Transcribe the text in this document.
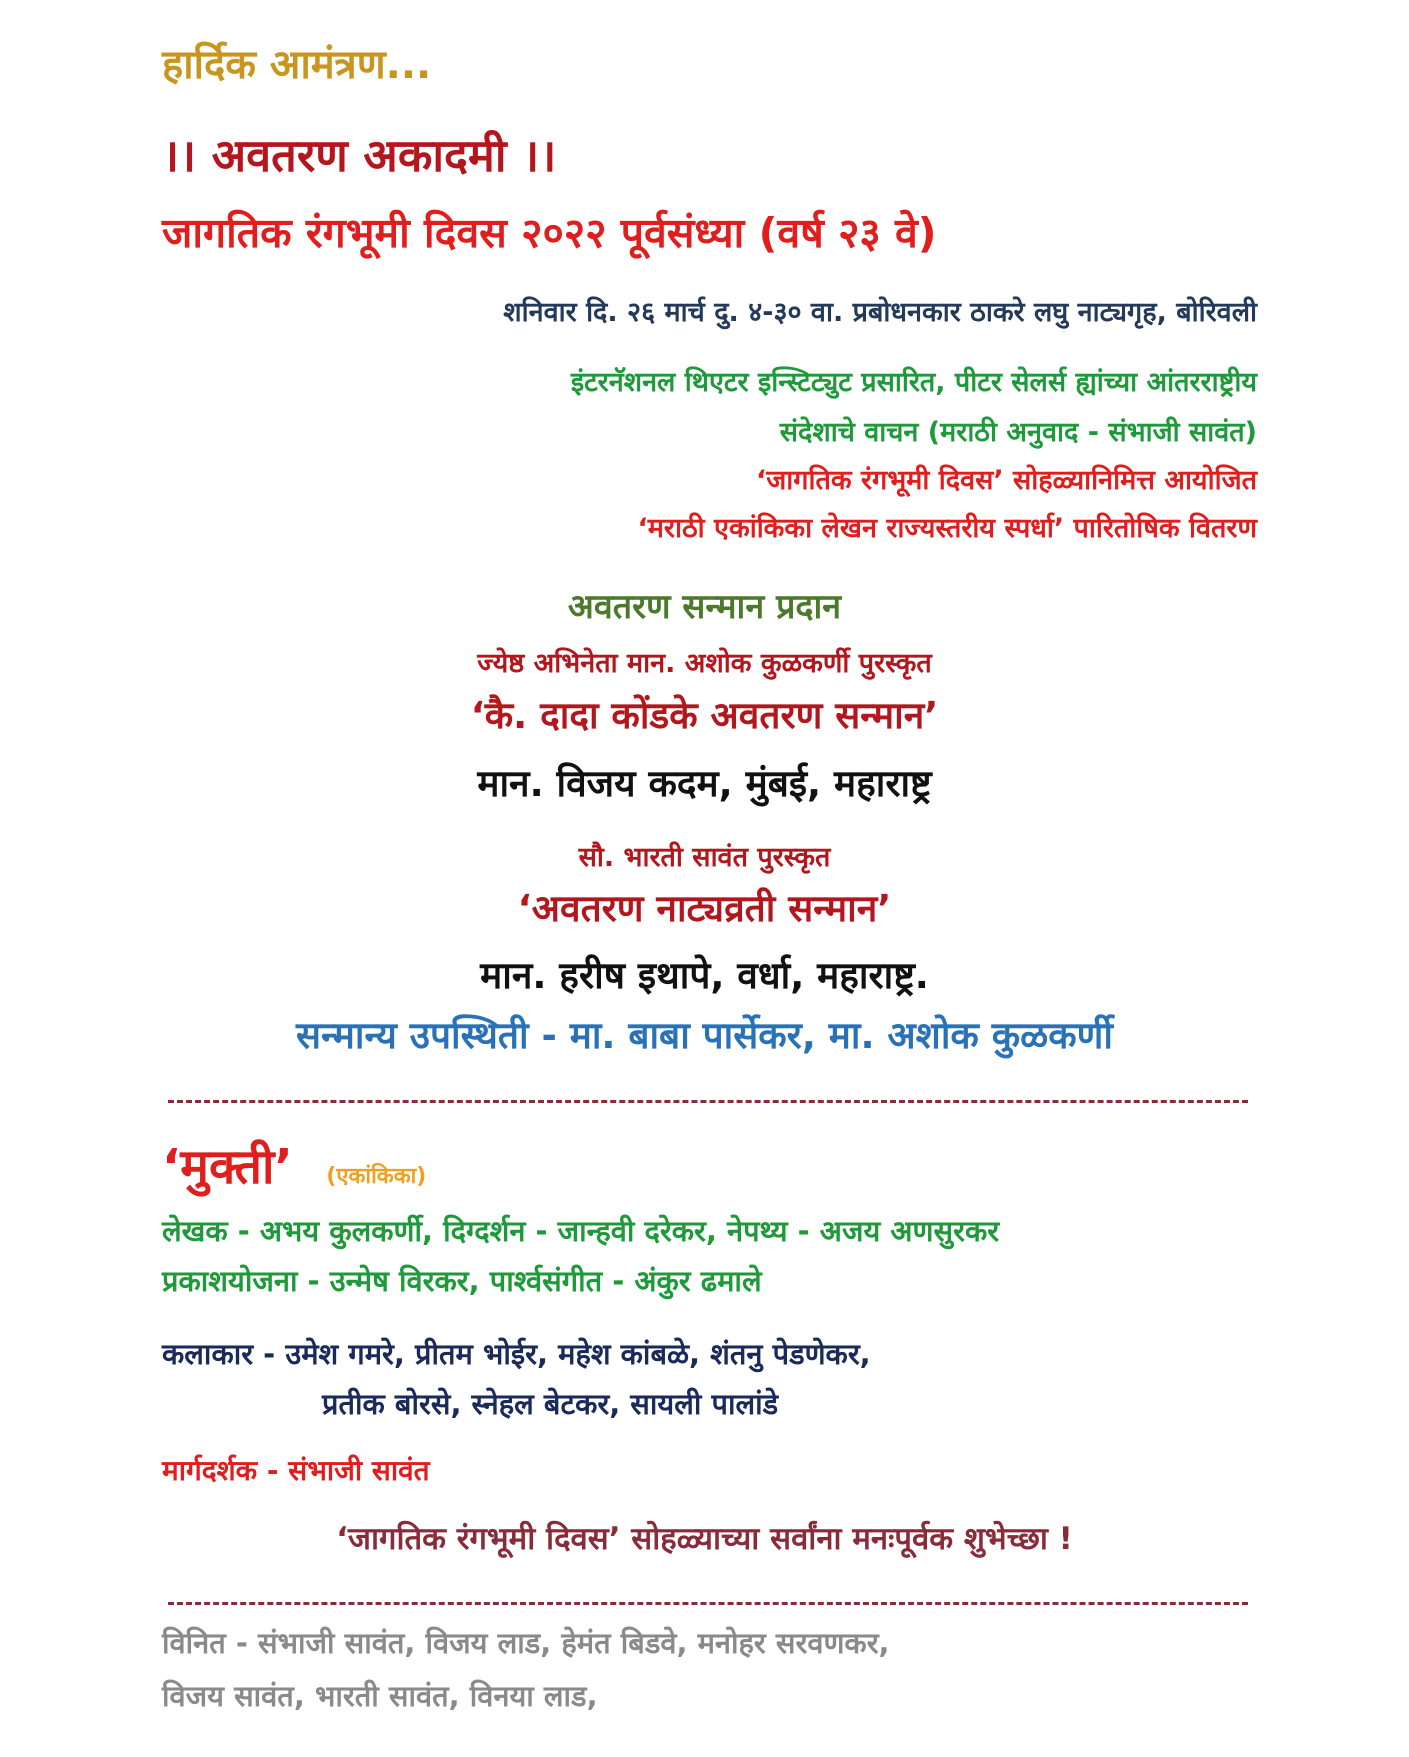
हार्दिक आमंत्रण...
।। अवतरण अकादमी ।।
जागतिक रंगभूमी दिवस २०२२ पूर्वसंध्या (वर्ष २३ वे)
शनिवार दि. २६ मार्च दु. ४-३० वा. प्रबोधनकार ठाकरे लघु नाट्यगृह, बोरिवली
इंटरनॅशनल थिएटर इन्स्टिट्युट प्रसारित, पीटर सेलर्स ह्यांच्या आंतरराष्ट्रीय
संदेशाचे वाचन (मराठी अनुवाद - संभाजी सावंत)
‘जागतिक रंगभूमी दिवस’ सोहळ्यानिमित्त आयोजित
‘मराठी एकांकिका लेखन राज्यस्तरीय स्पर्धा’ पारितोषिक वितरण
अवतरण सन्मान प्रदान
ज्येष्ठ अभिनेता मान. अशोक कुळकर्णी पुरस्कृत
‘कै. दादा कोंडके अवतरण सन्मान’
मान. विजय कदम, मुंबई, महाराष्ट्र
सौ. भारती सावंत पुरस्कृत
‘अवतरण नाट्यव्रती सन्मान’
मान. हरीष इथापे, वर्धा, महाराष्ट्र.
सन्मान्य उपस्थिती - मा. बाबा पार्सेकर, मा. अशोक कुळकर्णी
‘मुक्ती’ (एकांकिका)
लेखक - अभय कुलकर्णी, दिग्दर्शन - जान्हवी दरेकर, नेपथ्य - अजय अणसुरकर
प्रकाशयोजना - उन्मेष विरकर, पार्श्वसंगीत - अंकुर ढमाले
कलाकार - उमेश गमरे, प्रीतम भोईर, महेश कांबळे, शंतनु पेडणेकर,
प्रतीक बोरसे, स्नेहल बेटकर, सायली पालांडे
मार्गदर्शक - संभाजी सावंत
‘जागतिक रंगभूमी दिवस’ सोहळ्याच्या सर्वांना मनःपूर्वक शुभेच्छा !
विनित - संभाजी सावंत, विजय लाड, हेमंत बिडवे, मनोहर सरवणकर,
विजय सावंत, भारती सावंत, विनया लाड,
